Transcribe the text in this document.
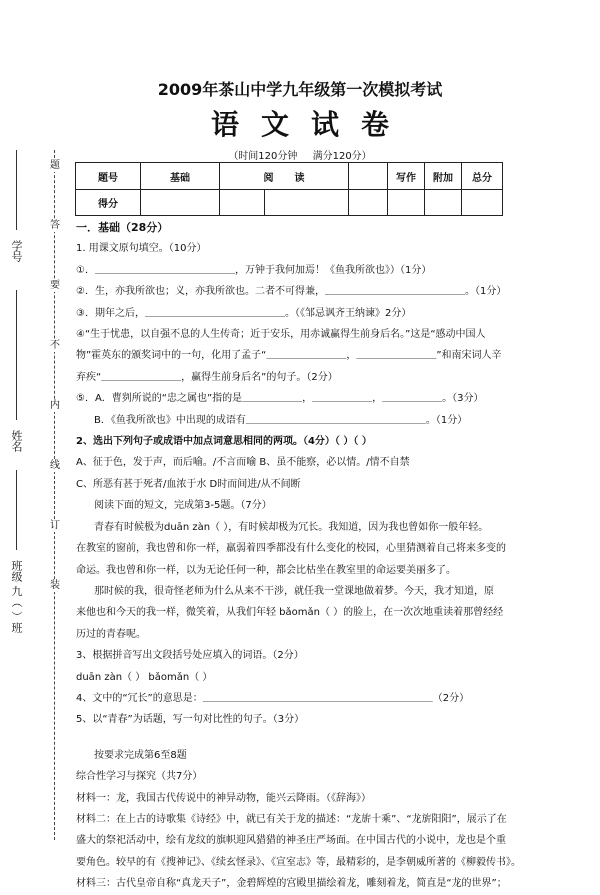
学号
姓名
班级 九（ ）班
题
答
要
不
内
线
订
装
2009年茶山中学九年级第一次模拟考试
语文试卷
（时间120分钟 满分120分）
题号	基础	阅 读			写作	附加	总分
得分							

一．基础（28分）

1. 用课文原句填空。（10分）

①．＿＿＿＿＿＿＿＿＿＿＿＿＿＿，万钟于我何加焉！《鱼我所欲也》）（1分）

②．生，亦我所欲也；义，亦我所欲也。二者不可得兼，＿＿＿＿＿＿＿＿＿＿＿＿＿＿。（1分）

③．期年之后，＿＿＿＿＿＿＿＿＿＿＿＿＿＿。（《邹忌讽齐王纳谏》2分）

④“生于忧患，以自强不息的人生传奇；近于安乐，用赤诚赢得生前身后名。”这是“感动中国人

物”霍英东的颁奖词中的一句，化用了孟子“＿＿＿＿＿＿＿＿，＿＿＿＿＿＿＿＿”和南宋词人辛

弃疾“＿＿＿＿＿＿＿＿，赢得生前身后名”的句子。（2分）

⑤．A．曹刿所说的“忠之属也”指的是＿＿＿＿＿＿，＿＿＿＿＿＿，＿＿＿＿＿＿。（3分）

B．《鱼我所欲也》中出现的成语有＿＿＿＿＿＿＿＿＿＿＿＿＿＿＿＿＿＿。（1分）

2、选出下列句子或成语中加点词意思相同的两项。（4分）（ ）（ ）

A、征于色，发于声，而后喻。/不言而喻 B、虽不能察，必以情。/情不自禁

C、所恶有甚于死者/血浓于水 D时而间进/从不间断

阅读下面的短文，完成第3-5题。（7分）

青春有时候极为duān zàn（ ），有时候却极为冗长。我知道，因为我也曾如你一般年轻。

在教室的窗前，我也曾和你一样，羸弱着四季都没有什么变化的校园，心里猜测着自己将来多变的

命运。我也曾和你一样，以为无论任何一种，都会比枯坐在教室里的命运要美丽多了。

那时候的我，很奇怪老师为什么从来不干涉，就任我一堂课地做着梦。今天，我才知道，原

来他也和今天的我一样，微笑着，从我们年轻 bǎomǎn（ ）的脸上，在一次次地重读着那曾经经

历过的青春呢。

3、根据拼音写出文段括号处应填入的词语。（2分）

duān zàn（ ） bǎomǎn（ ）

4、文中的“冗长”的意思是：＿＿＿＿＿＿＿＿＿＿＿＿＿＿＿＿＿＿＿＿＿＿＿（2分）

5、以“青春”为话题，写一句对比性的句子。（3分）

按要求完成第6至8题

综合性学习与探究（共7分）

材料一：龙，我国古代传说中的神异动物，能兴云降雨。（《辞海》）

材料二：在上古的诗歌集《诗经》中，就已有关于龙的描述：“龙旂十乘”、“龙旂阳阳”，展示了在

盛大的祭祀活动中，绘有龙纹的旗帜迎风猎猎的神圣庄严场面。在中国古代的小说中，龙也是个重

要角色。较早的有《搜神记》、《续玄怪录》、《宣室志》等，最精彩的，是李朝威所著的《柳毅传书》。

材料三：古代皇帝自称“真龙天子”，金碧辉煌的宫殿里描绘着龙，雕刻着龙，简直是“龙的世界”；
